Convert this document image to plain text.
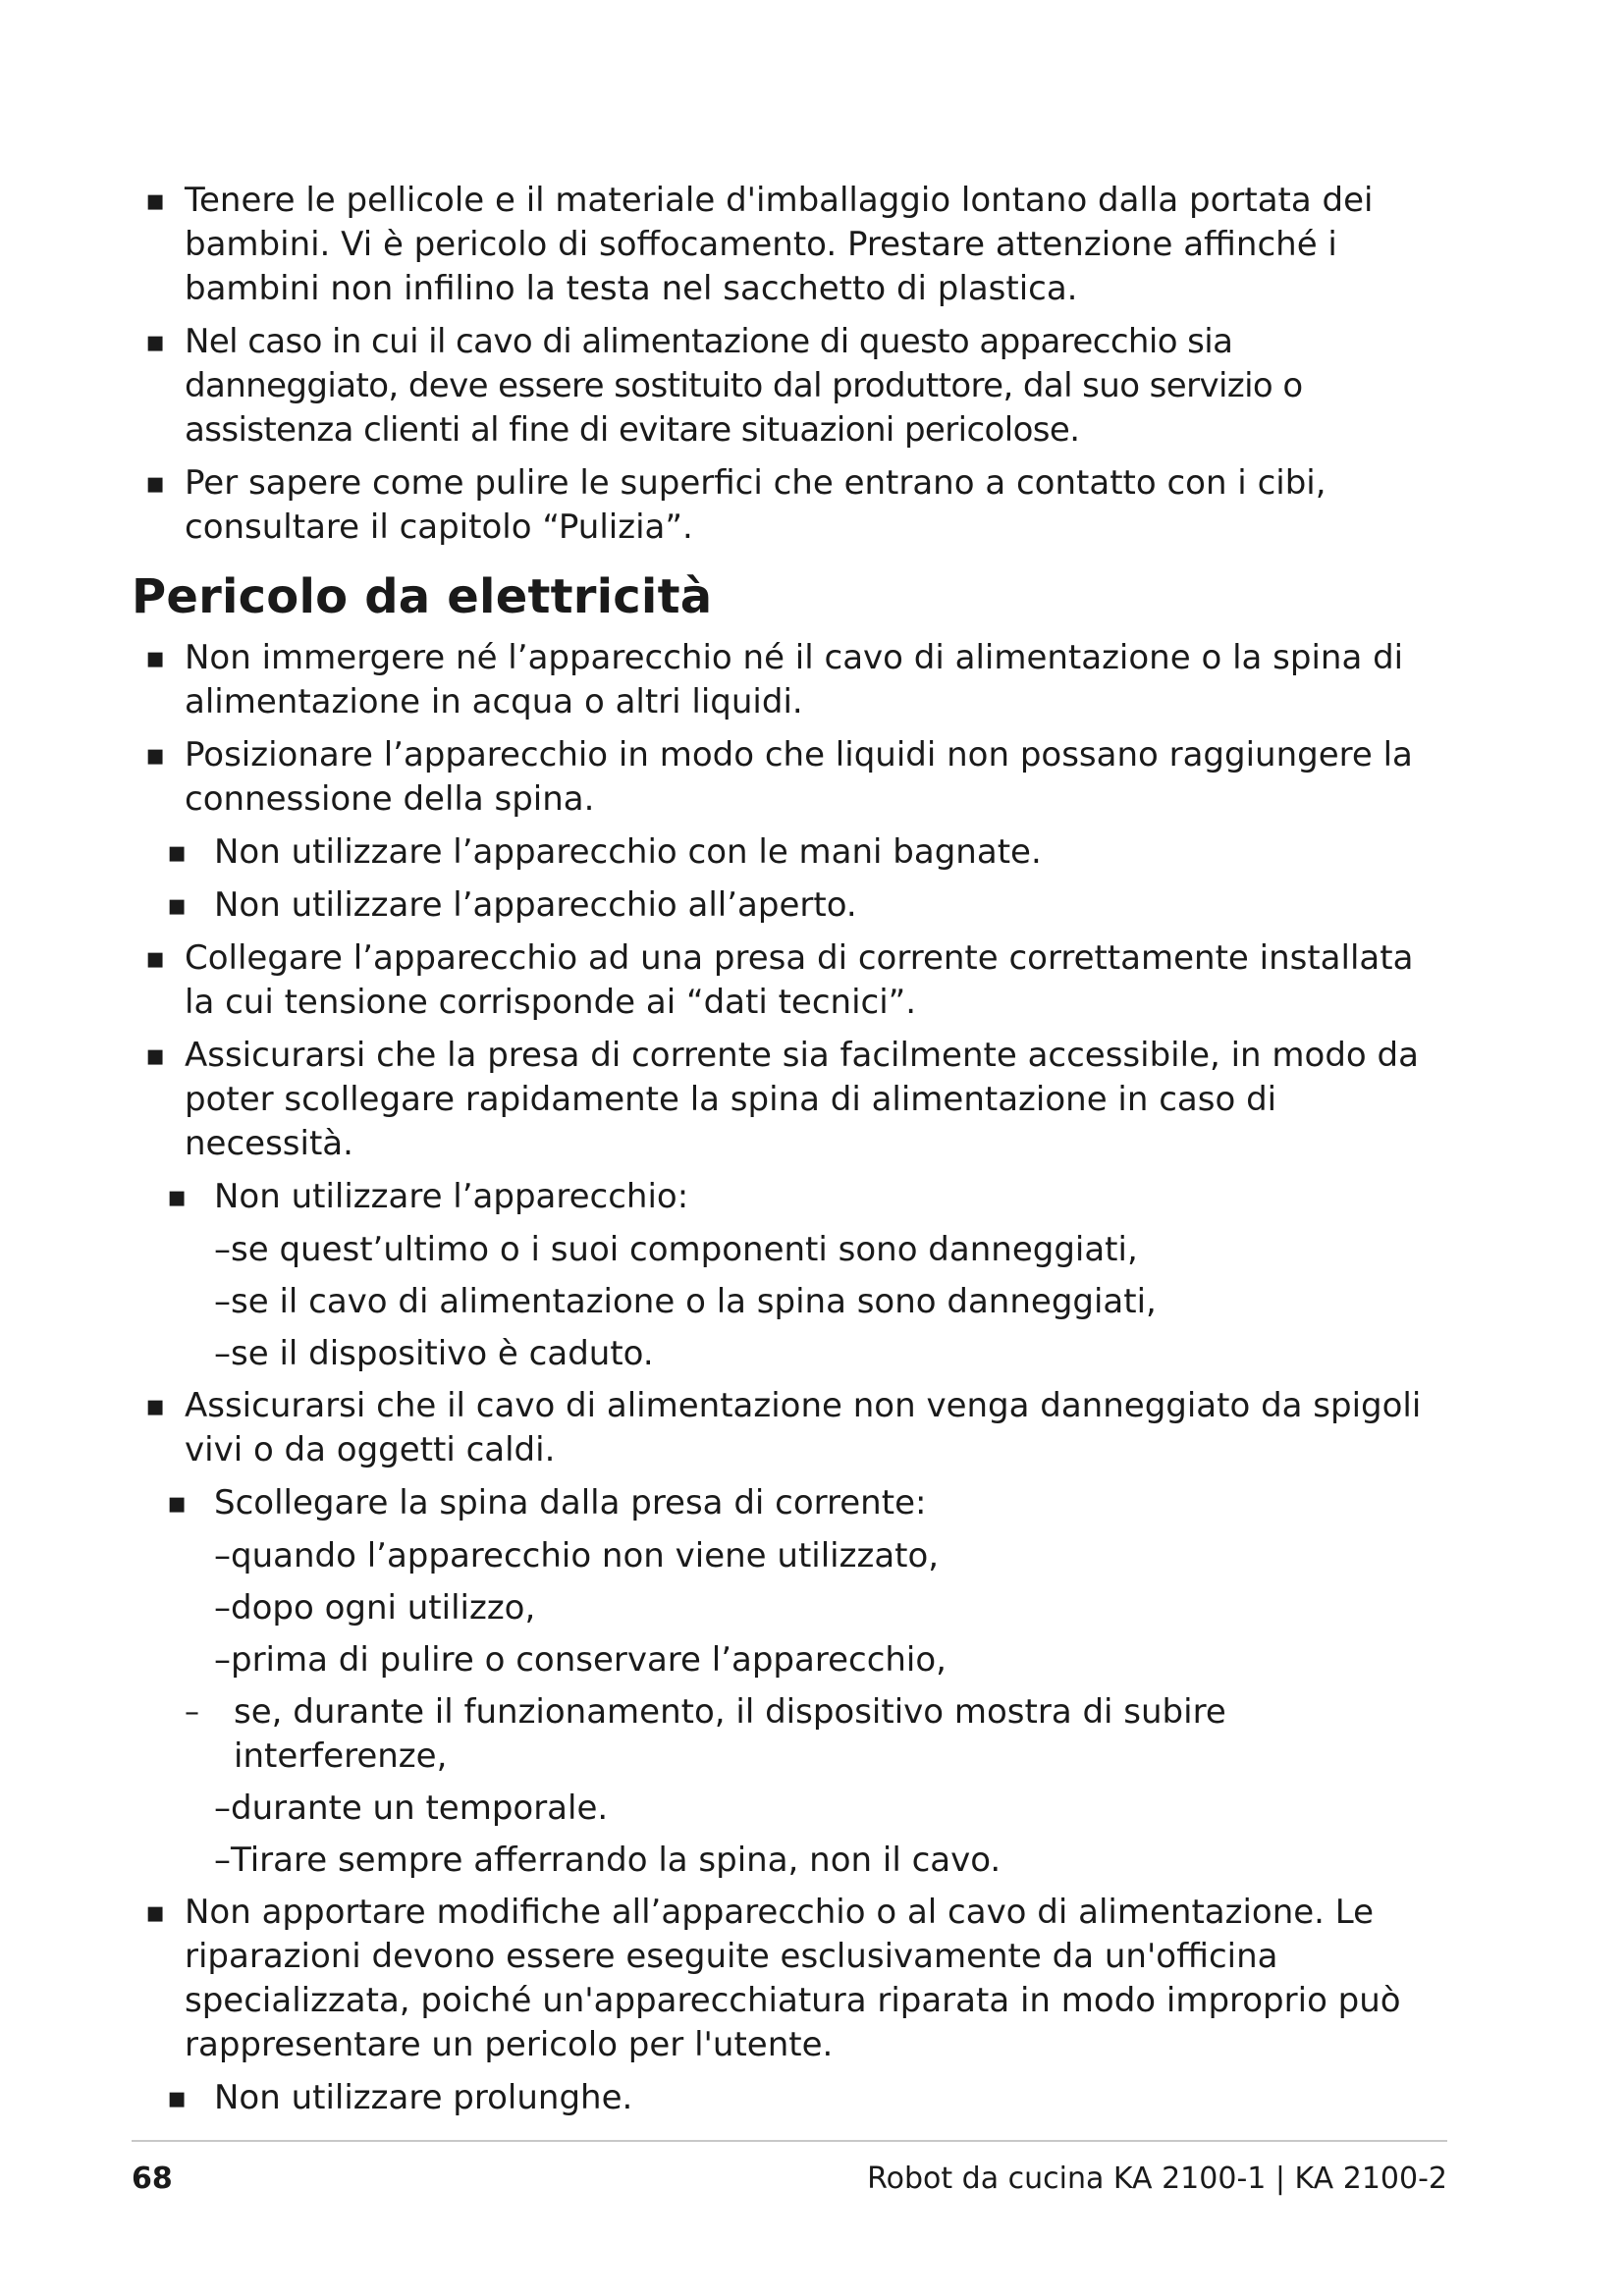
▪ Tenere le pellicole e il materiale d'imballaggio lontano dalla portata dei bambini. Vi è pericolo di soffocamento. Prestare attenzione affinché i bambini non infilino la testa nel sacchetto di plastica.
▪ Nel caso in cui il cavo di alimentazione di questo apparecchio sia danneggiato, deve essere sostituito dal produttore, dal suo servizio o assistenza clienti al fine di evitare situazioni pericolose.
▪ Per sapere come pulire le superfici che entrano a contatto con i cibi, consultare il capitolo “Pulizia”.
Pericolo da elettricità
▪ Non immergere né l’apparecchio né il cavo di alimentazione o la spina di alimentazione in acqua o altri liquidi.
▪ Posizionare l’apparecchio in modo che liquidi non possano raggiungere la connessione della spina.
▪ Non utilizzare l’apparecchio con le mani bagnate.
▪ Non utilizzare l’apparecchio all’aperto.
▪ Collegare l’apparecchio ad una presa di corrente correttamente installata la cui tensione corrisponde ai “dati tecnici”.
▪ Assicurarsi che la presa di corrente sia facilmente accessibile, in modo da poter scollegare rapidamente la spina di alimentazione in caso di necessità.
▪ Non utilizzare l’apparecchio:
–se quest’ultimo o i suoi componenti sono danneggiati,
–se il cavo di alimentazione o la spina sono danneggiati,
–se il dispositivo è caduto.
▪ Assicurarsi che il cavo di alimentazione non venga danneggiato da spigoli vivi o da oggetti caldi.
▪ Scollegare la spina dalla presa di corrente:
–quando l’apparecchio non viene utilizzato,
–dopo ogni utilizzo,
–prima di pulire o conservare l’apparecchio,
– se, durante il funzionamento, il dispositivo mostra di subire interferenze,
–durante un temporale.
–Tirare sempre afferrando la spina, non il cavo.
▪ Non apportare modifiche all’apparecchio o al cavo di alimentazione. Le riparazioni devono essere eseguite esclusivamente da un'officina specializzata, poiché un'apparecchiatura riparata in modo improprio può rappresentare un pericolo per l'utente.
▪ Non utilizzare prolunghe.
68	Robot da cucina KA 2100-1 | KA 2100-2
